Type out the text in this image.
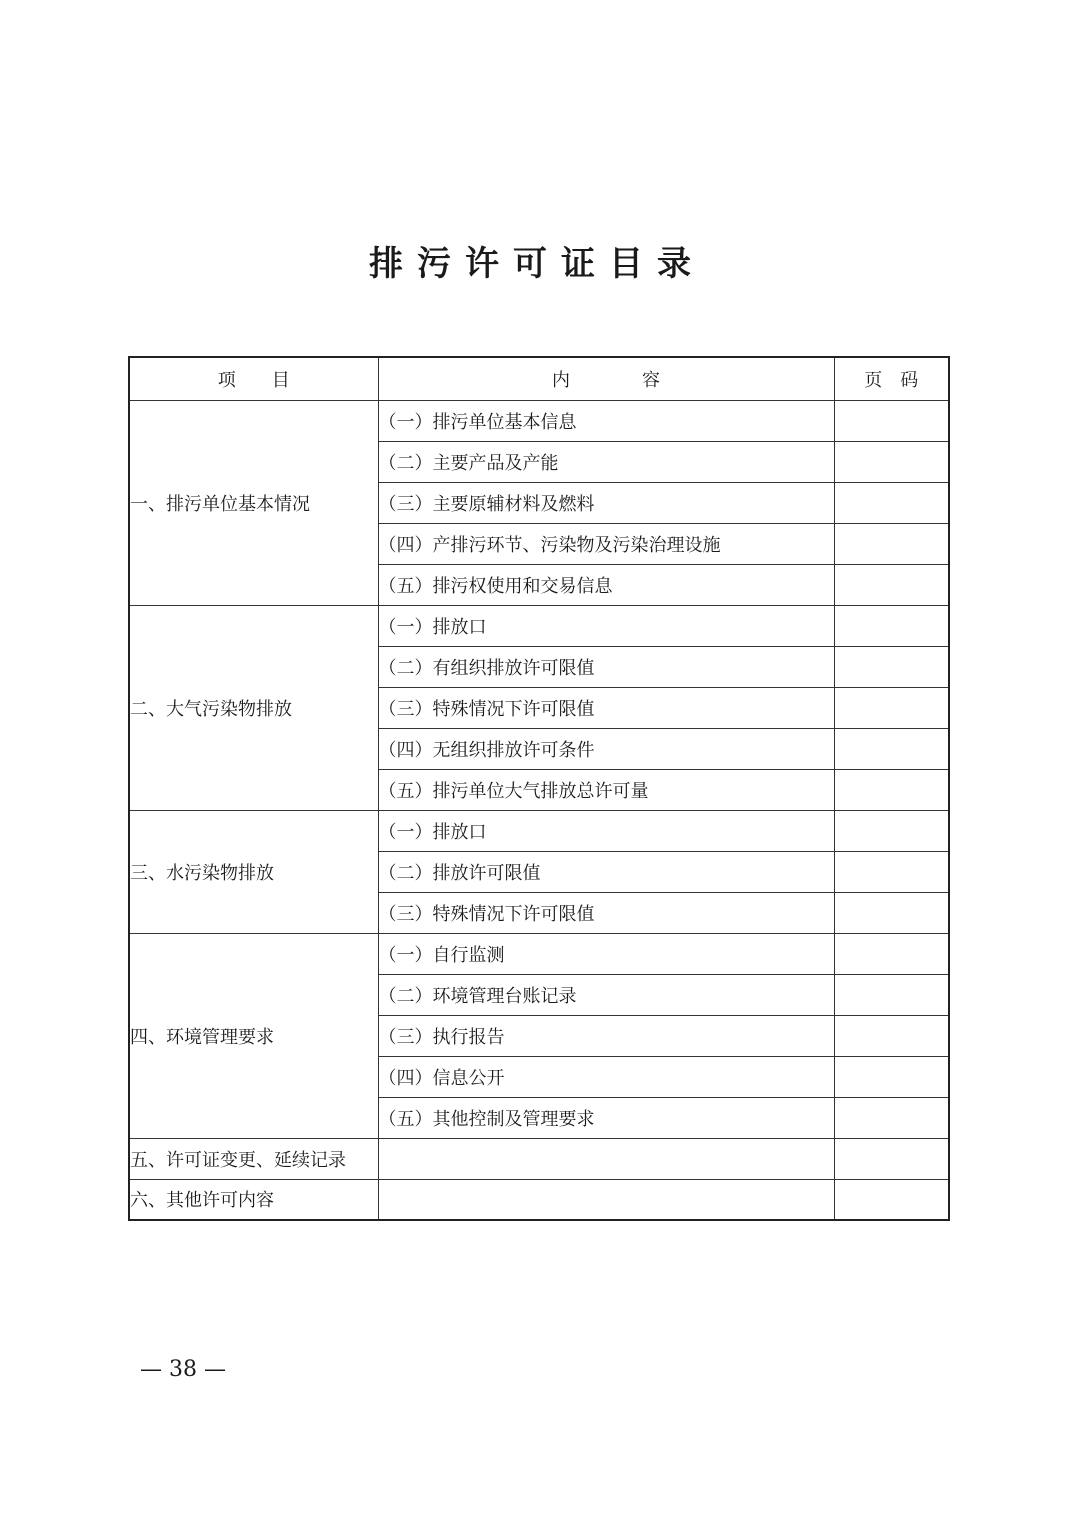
排污许可证目录
项　　目	内　　　　容	页　码
一、排污单位基本情况	（一）排污单位基本信息	
	（二）主要产品及产能	
	（三）主要原辅材料及燃料	
	（四）产排污环节、污染物及污染治理设施	
	（五）排污权使用和交易信息	
二、大气污染物排放	（一）排放口	
	（二）有组织排放许可限值	
	（三）特殊情况下许可限值	
	（四）无组织排放许可条件	
	（五）排污单位大气排放总许可量	
三、水污染物排放	（一）排放口	
	（二）排放许可限值	
	（三）特殊情况下许可限值	
四、环境管理要求	（一）自行监测	
	（二）环境管理台账记录	
	（三）执行报告	
	（四）信息公开	
	（五）其他控制及管理要求	
五、许可证变更、延续记录		
六、其他许可内容		
— 38 —
